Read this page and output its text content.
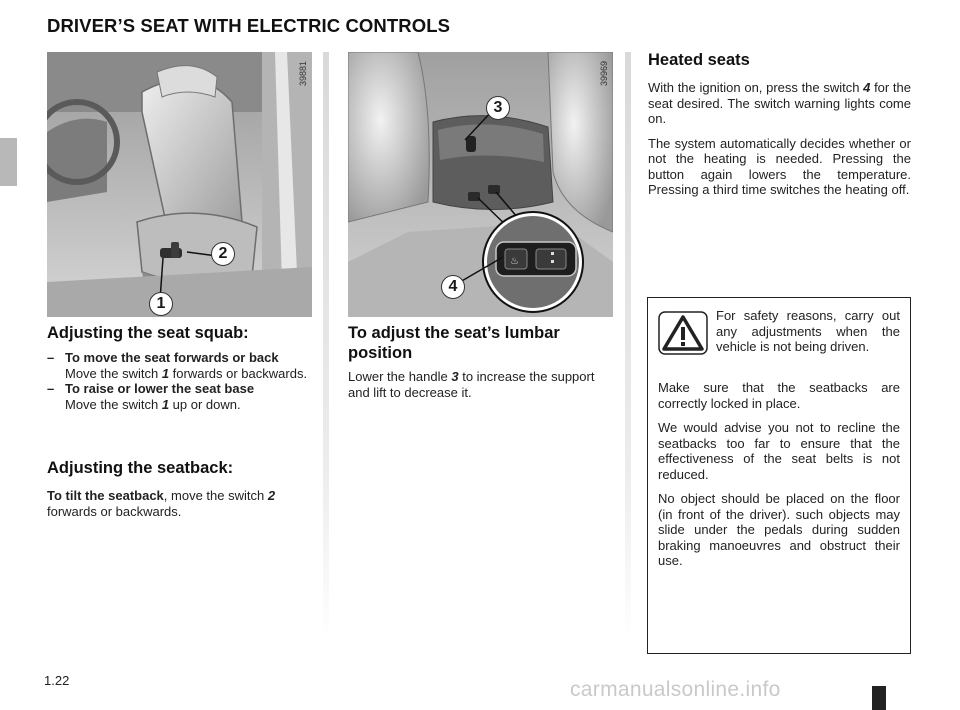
DRIVER’S SEAT WITH ELECTRIC CONTROLS
2
1
39881
♨
3
4
39969
Adjusting the seat squab:
– To move the seat forwards or back
Move the switch 1 forwards or backwards.
– To raise or lower the seat base
Move the switch 1 up or down.
Adjusting the seatback:
To tilt the seatback, move the switch 2 forwards or backwards.
To adjust the seat’s lumbar position
Lower the handle 3 to increase the support and lift to decrease it.
Heated seats

With the ignition on, press the switch 4 for the seat desired. The switch warning lights come on.

The system automatically decides whether or not the heating is needed. Pressing the button again lowers the temperature. Pressing a third time switches the heating off.

For safety reasons, carry out any adjustments when the vehicle is not being driven.

Make sure that the seatbacks are correctly locked in place.

We would advise you not to recline the seatbacks too far to ensure that the effectiveness of the seat belts is not reduced.

No object should be placed on the floor (in front of the driver). such objects may slide under the pedals during sudden braking manoeuvres and obstruct their use.

1.22	carmanualsonline.info
